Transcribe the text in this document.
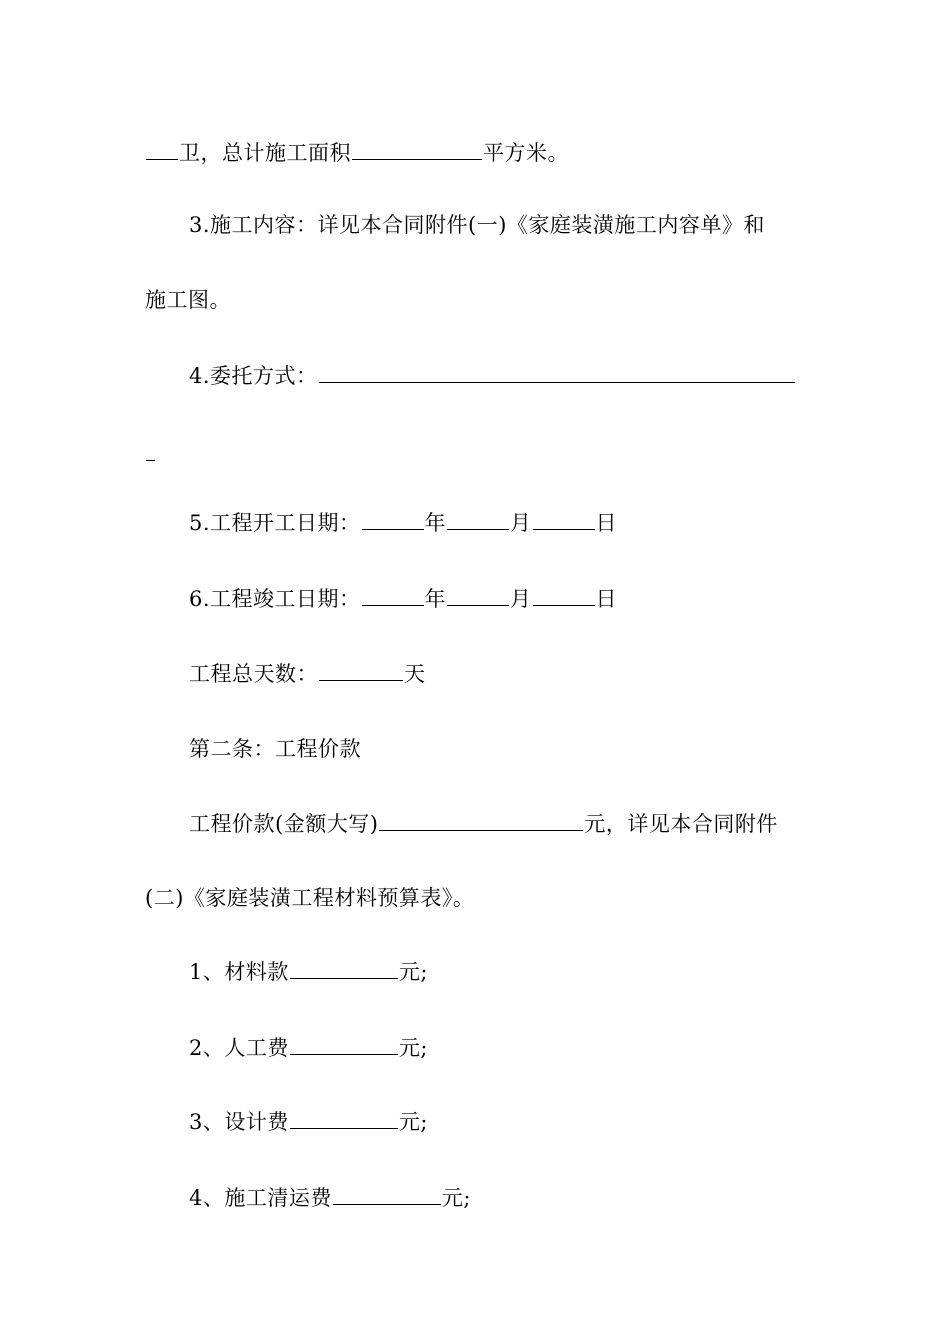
卫，总计施工面积	平方米。
3.施工内容：详见本合同附件(一)《家庭装潢施工内容单》和
施工图。
4.委托方式：
5.工程开工日期：	年	月	日
6.工程竣工日期：	年	月	日
工程总天数：	天
第二条：工程价款
工程价款(金额大写)	元，详见本合同附件
(二)《家庭装潢工程材料预算表》。
1、材料款	元;
2、人工费	元;
3、设计费	元;
4、施工清运费	元;
